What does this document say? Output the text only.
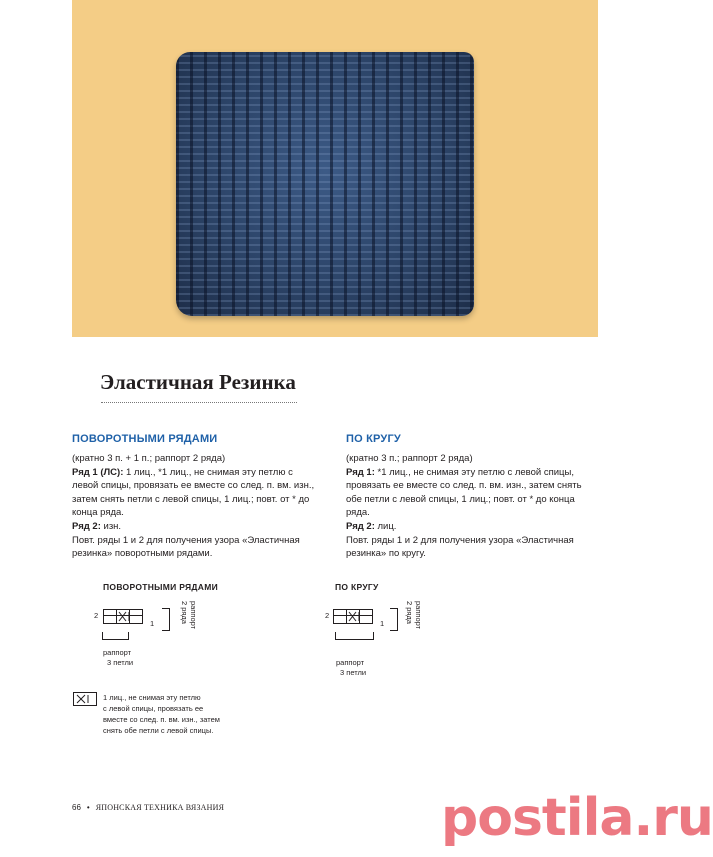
Эластичная Резинка
ПОВОРОТНЫМИ РЯДАМИ

(кратно 3 п. + 1 п.; раппорт 2 ряда)

Ряд 1 (ЛС): 1 лиц., *1 лиц., не снимая эту петлю с левой спицы, провязать ее вместе со след. п. вм. изн., затем снять петли с левой спицы, 1 лиц.; повт. от * до конца ряда.

Ряд 2: изн.

Повт. ряды 1 и 2 для получения узора «Эластичная резинка» поворотными рядами.

ПО КРУГУ

(кратно 3 п.; раппорт 2 ряда)

Ряд 1: *1 лиц., не снимая эту петлю с левой спицы, провязать ее вместе со след. п. вм. изн., затем снять обе петли с левой спицы, 1 лиц.; повт. от * до конца ряда.

Ряд 2: лиц.

Повт. ряды 1 и 2 для получения узора «Эластичная резинка» по кругу.

ПОВОРОТНЫМИ РЯДАМИ
2
1	раппорт
2 ряда
раппорт
3 петли
ПО КРУГУ
2
1	раппорт
2 ряда
раппорт
3 петли
1 лиц., не снимая эту петлю
с левой спицы, провязать ее
вместе со след. п. вм. изн., затем
снять обе петли с левой спицы.
66 • ЯПОНСКАЯ ТЕХНИКА ВЯЗАНИЯ	postila.ru
